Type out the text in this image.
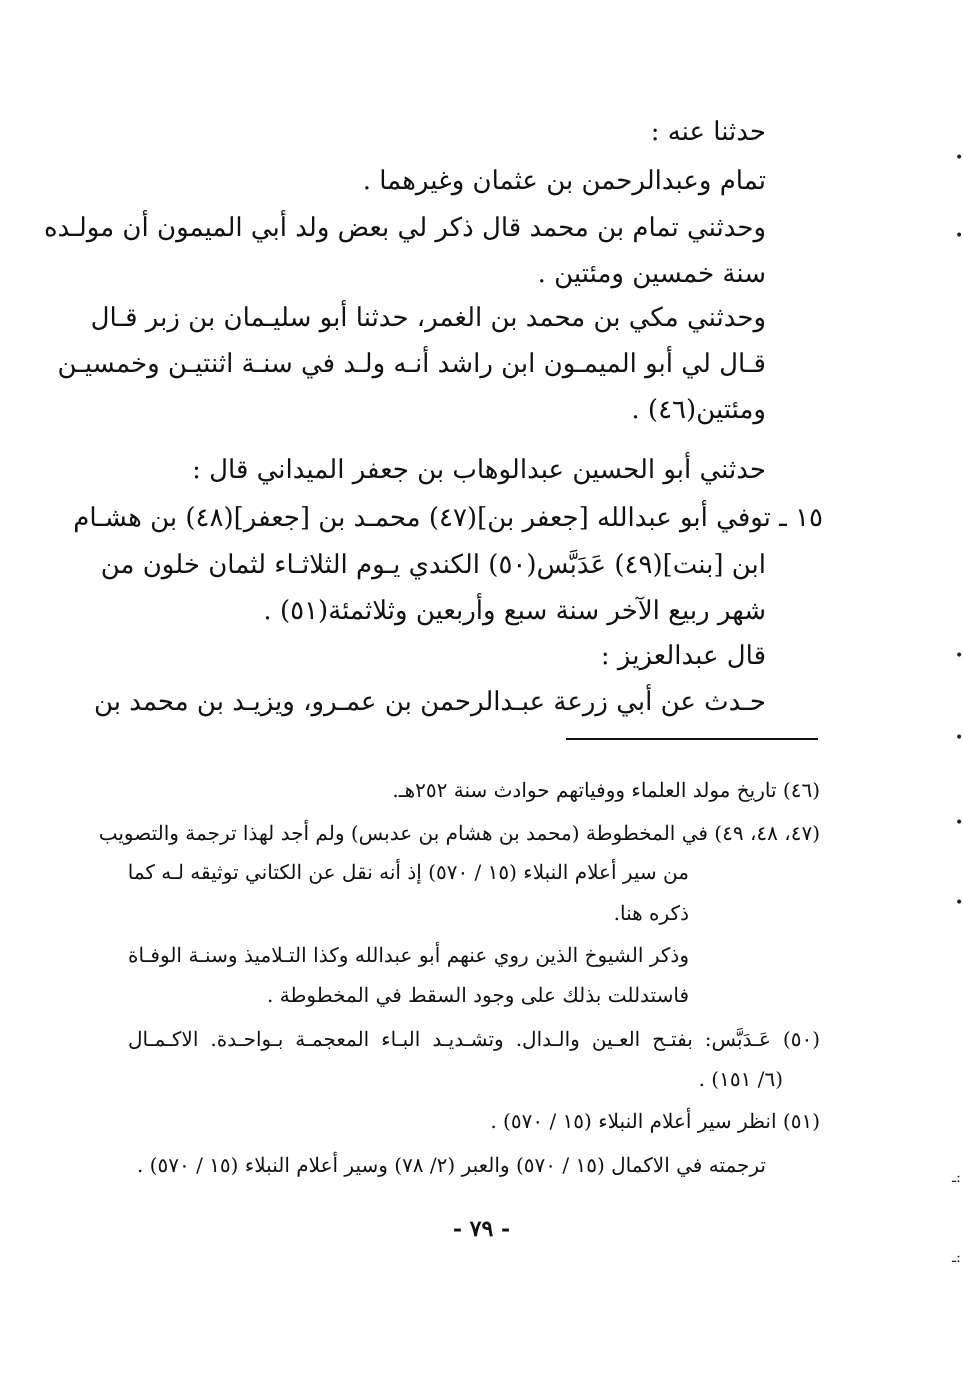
حدثنا عنه :
تمام وعبدالرحمن بن عثمان وغيرهما .
وحدثني تمام بن محمد قال ذكر لي بعض ولد أبي الميمون أن مولـده
سنة خمسين ومئتين .
وحدثني مكي بن محمد بن الغمر، حدثنا أبو سليـمان بن زبر قـال
قـال لي أبو الميمـون ابن راشد أنـه ولـد في سنـة اثنتيـن وخمسيـن
ومئتين(٤٦) .
حدثني أبو الحسين عبدالوهاب بن جعفر الميداني قال :
١٥ ـ توفي أبو عبدالله [جعفر بن](٤٧) محمـد بن [جعفر](٤٨) بن هشـام
ابن [بنت](٤٩) عَدَبَّس(٥٠) الكندي يـوم الثلاثـاء لثمان خلون من
شهر ربيع الآخر سنة سبع وأربعين وثلاثمئة(٥١) .
قال عبدالعزيز :
حـدث عن أبي زرعة عبـدالرحمن بن عمـرو، ويزيـد بن محمد بن
(٤٦) تاريخ مولد العلماء ووفياتهم حوادث سنة ٢٥٢هـ.
(٤٧، ٤٨، ٤٩) في المخطوطة (محمد بن هشام بن عدبس) ولم أجد لهذا ترجمة والتصويب
من سير أعلام النبلاء (١٥ / ٥٧٠) إذ أنه نقل عن الكتاني توثيقه لـه كما
ذكره هنا.
وذكر الشيوخ الذين روي عنهم أبو عبدالله وكذا التـلاميذ وسنـة الوفـاة
فاستدللت بذلك على وجود السقط في المخطوطة .
(٥٠) عَـدَبَّس: بفتـح العـين والـدال. وتشـديـد البـاء المعجمـة بـواحـدة. الاكـمـال
(٦/ ١٥١) .
(٥١) انظر سير أعلام النبلاء (١٥ / ٥٧٠) .
ترجمته في الاكمال (١٥ / ٥٧٠) والعبر (٢/ ٧٨) وسير أعلام النبلاء (١٥ / ٥٧٠) .
- ٧٩ -
•
•
•
•
•
•
ـ:
ـ:
